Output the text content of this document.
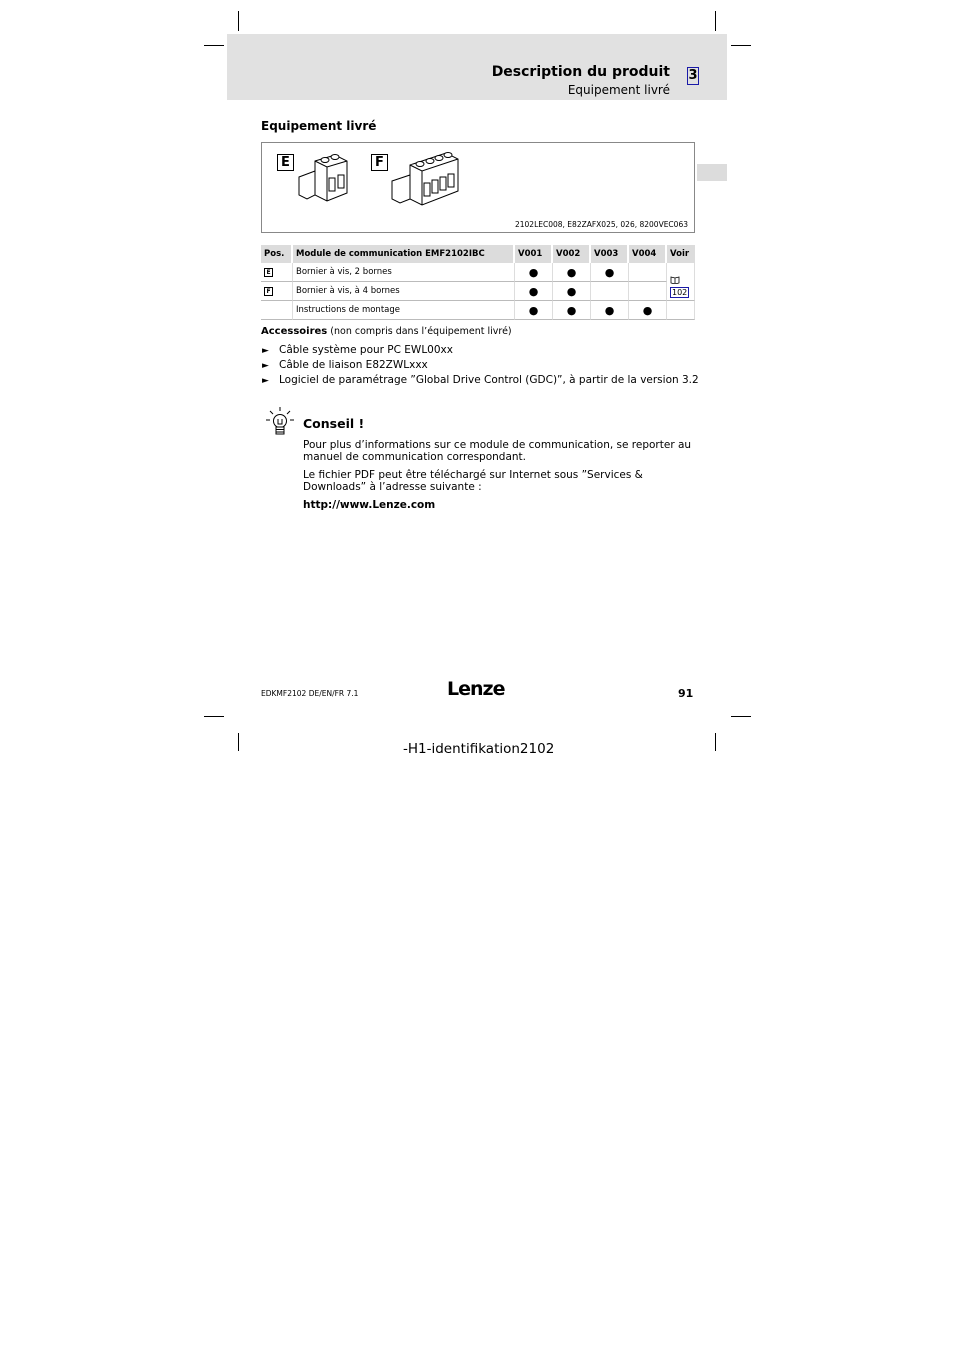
Description du produit 3
Equipement livré
Equipement livré
E	F
2102LEC008, E82ZAFX025, 026, 8200VEC063
Pos.	Module de communication EMF2102IBC	V001	V002	V003	V004	Voir
E	Bornier à vis, 2 bornes	●	●	●		102
F	Bornier à vis, à 4 bornes	●	●			
	Instructions de montage	●	●	●	●	
Accessoires (non compris dans l’équipement livré)
► Câble système pour PC EWL00xx
► Câble de liaison E82ZWLxxx
► Logiciel de paramétrage ”Global Drive Control (GDC)”, à partir de la version 3.2
Conseil !
Pour plus d’informations sur ce module de communication, se reporter au manuel de communication correspondant.
Le fichier PDF peut être téléchargé sur Internet sous ”Services & Downloads” à l’adresse suivante :
http://www.Lenze.com
EDKMF2102 DE/EN/FR 7.1	Lenze	91
-H1-identifikation2102
